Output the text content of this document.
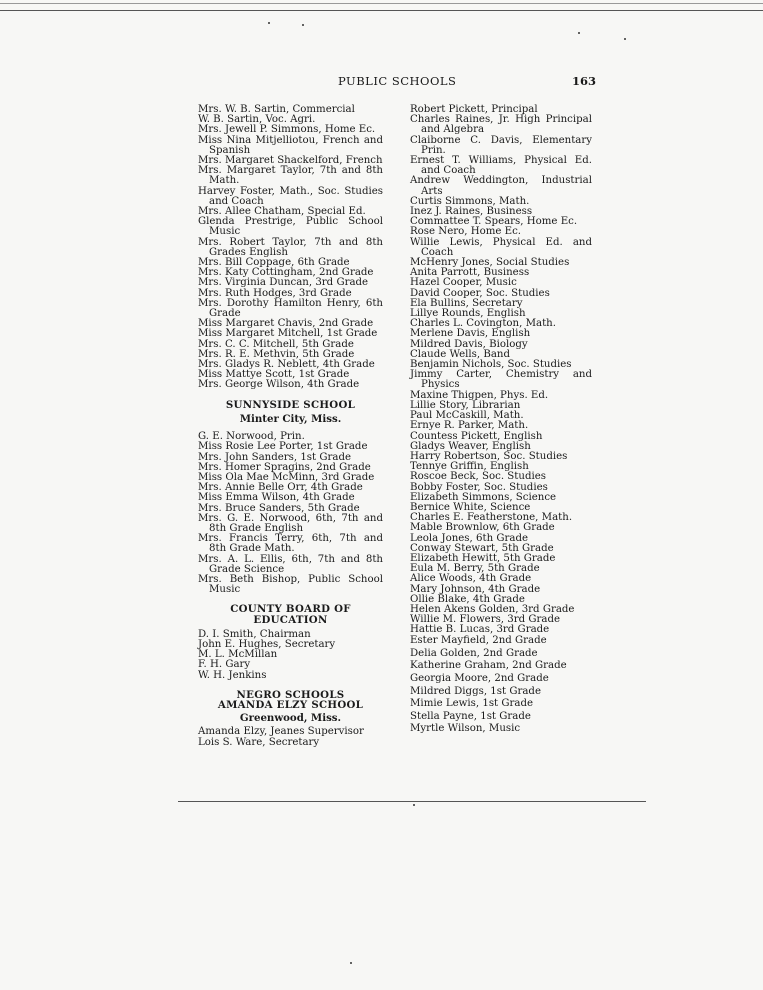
PUBLIC SCHOOLS	163

Mrs. W. B. Sartin, Commercial

W. B. Sartin, Voc. Agri.

Mrs. Jewell P. Simmons, Home Ec.

Miss Nina Mitjelliotou, French and Spanish

Mrs. Margaret Shackelford, French

Mrs. Margaret Taylor, 7th and 8th Math.

Harvey Foster, Math., Soc. Studies and Coach

Mrs. Allee Chatham, Special Ed.

Glenda Prestrige, Public School Music

Mrs. Robert Taylor, 7th and 8th Grades English

Mrs. Bill Coppage, 6th Grade

Mrs. Katy Cottingham, 2nd Grade

Mrs. Virginia Duncan, 3rd Grade

Mrs. Ruth Hodges, 3rd Grade

Mrs. Dorothy Hamilton Henry, 6th Grade

Miss Margaret Chavis, 2nd Grade

Miss Margaret Mitchell, 1st Grade

Mrs. C. C. Mitchell, 5th Grade

Mrs. R. E. Methvin, 5th Grade

Mrs. Gladys R. Neblett, 4th Grade

Miss Mattye Scott, 1st Grade

Mrs. George Wilson, 4th Grade

SUNNYSIDE SCHOOL

Minter City, Miss.

G. E. Norwood, Prin.

Miss Rosie Lee Porter, 1st Grade

Mrs. John Sanders, 1st Grade

Mrs. Homer Spragins, 2nd Grade

Miss Ola Mae McMinn, 3rd Grade

Mrs. Annie Belle Orr, 4th Grade

Miss Emma Wilson, 4th Grade

Mrs. Bruce Sanders, 5th Grade

Mrs. G. E. Norwood, 6th, 7th and 8th Grade English

Mrs. Francis Terry, 6th, 7th and 8th Grade Math.

Mrs. A. L. Ellis, 6th, 7th and 8th Grade Science

Mrs. Beth Bishop, Public School Music

COUNTY BOARD OF

EDUCATION

D. I. Smith, Chairman

John E. Hughes, Secretary

M. L. McMillan

F. H. Gary

W. H. Jenkins

NEGRO SCHOOLS

AMANDA ELZY SCHOOL

Greenwood, Miss.

Amanda Elzy, Jeanes Supervisor

Lois S. Ware, Secretary

Robert Pickett, Principal

Charles Raines, Jr. High Principal and Algebra

Claiborne C. Davis, Elementary Prin.

Ernest T. Williams, Physical Ed. and Coach

Andrew Weddington, Industrial Arts

Curtis Simmons, Math.

Inez J. Raines, Business

Commattee T. Spears, Home Ec.

Rose Nero, Home Ec.

Willie Lewis, Physical Ed. and Coach

McHenry Jones, Social Studies

Anita Parrott, Business

Hazel Cooper, Music

David Cooper, Soc. Studies

Ela Bullins, Secretary

Lillye Rounds, English

Charles L. Covington, Math.

Merlene Davis, English

Mildred Davis, Biology

Claude Wells, Band

Benjamin Nichols, Soc. Studies

Jimmy Carter, Chemistry and Physics

Maxine Thigpen, Phys. Ed.

Lillie Story, Librarian

Paul McCaskill, Math.

Ernye R. Parker, Math.

Countess Pickett, English

Gladys Weaver, English

Harry Robertson, Soc. Studies

Tennye Griffin, English

Roscoe Beck, Soc. Studies

Bobby Foster, Soc. Studies

Elizabeth Simmons, Science

Bernice White, Science

Charles E. Featherstone, Math.

Mable Brownlow, 6th Grade

Leola Jones, 6th Grade

Conway Stewart, 5th Grade

Elizabeth Hewitt, 5th Grade

Eula M. Berry, 5th Grade

Alice Woods, 4th Grade

Mary Johnson, 4th Grade

Ollie Blake, 4th Grade

Helen Akens Golden, 3rd Grade

Willie M. Flowers, 3rd Grade

Hattie B. Lucas, 3rd Grade

Ester Mayfield, 2nd Grade

Delia Golden, 2nd Grade

Katherine Graham, 2nd Grade

Georgia Moore, 2nd Grade

Mildred Diggs, 1st Grade

Mimie Lewis, 1st Grade

Stella Payne, 1st Grade

Myrtle Wilson, Music
